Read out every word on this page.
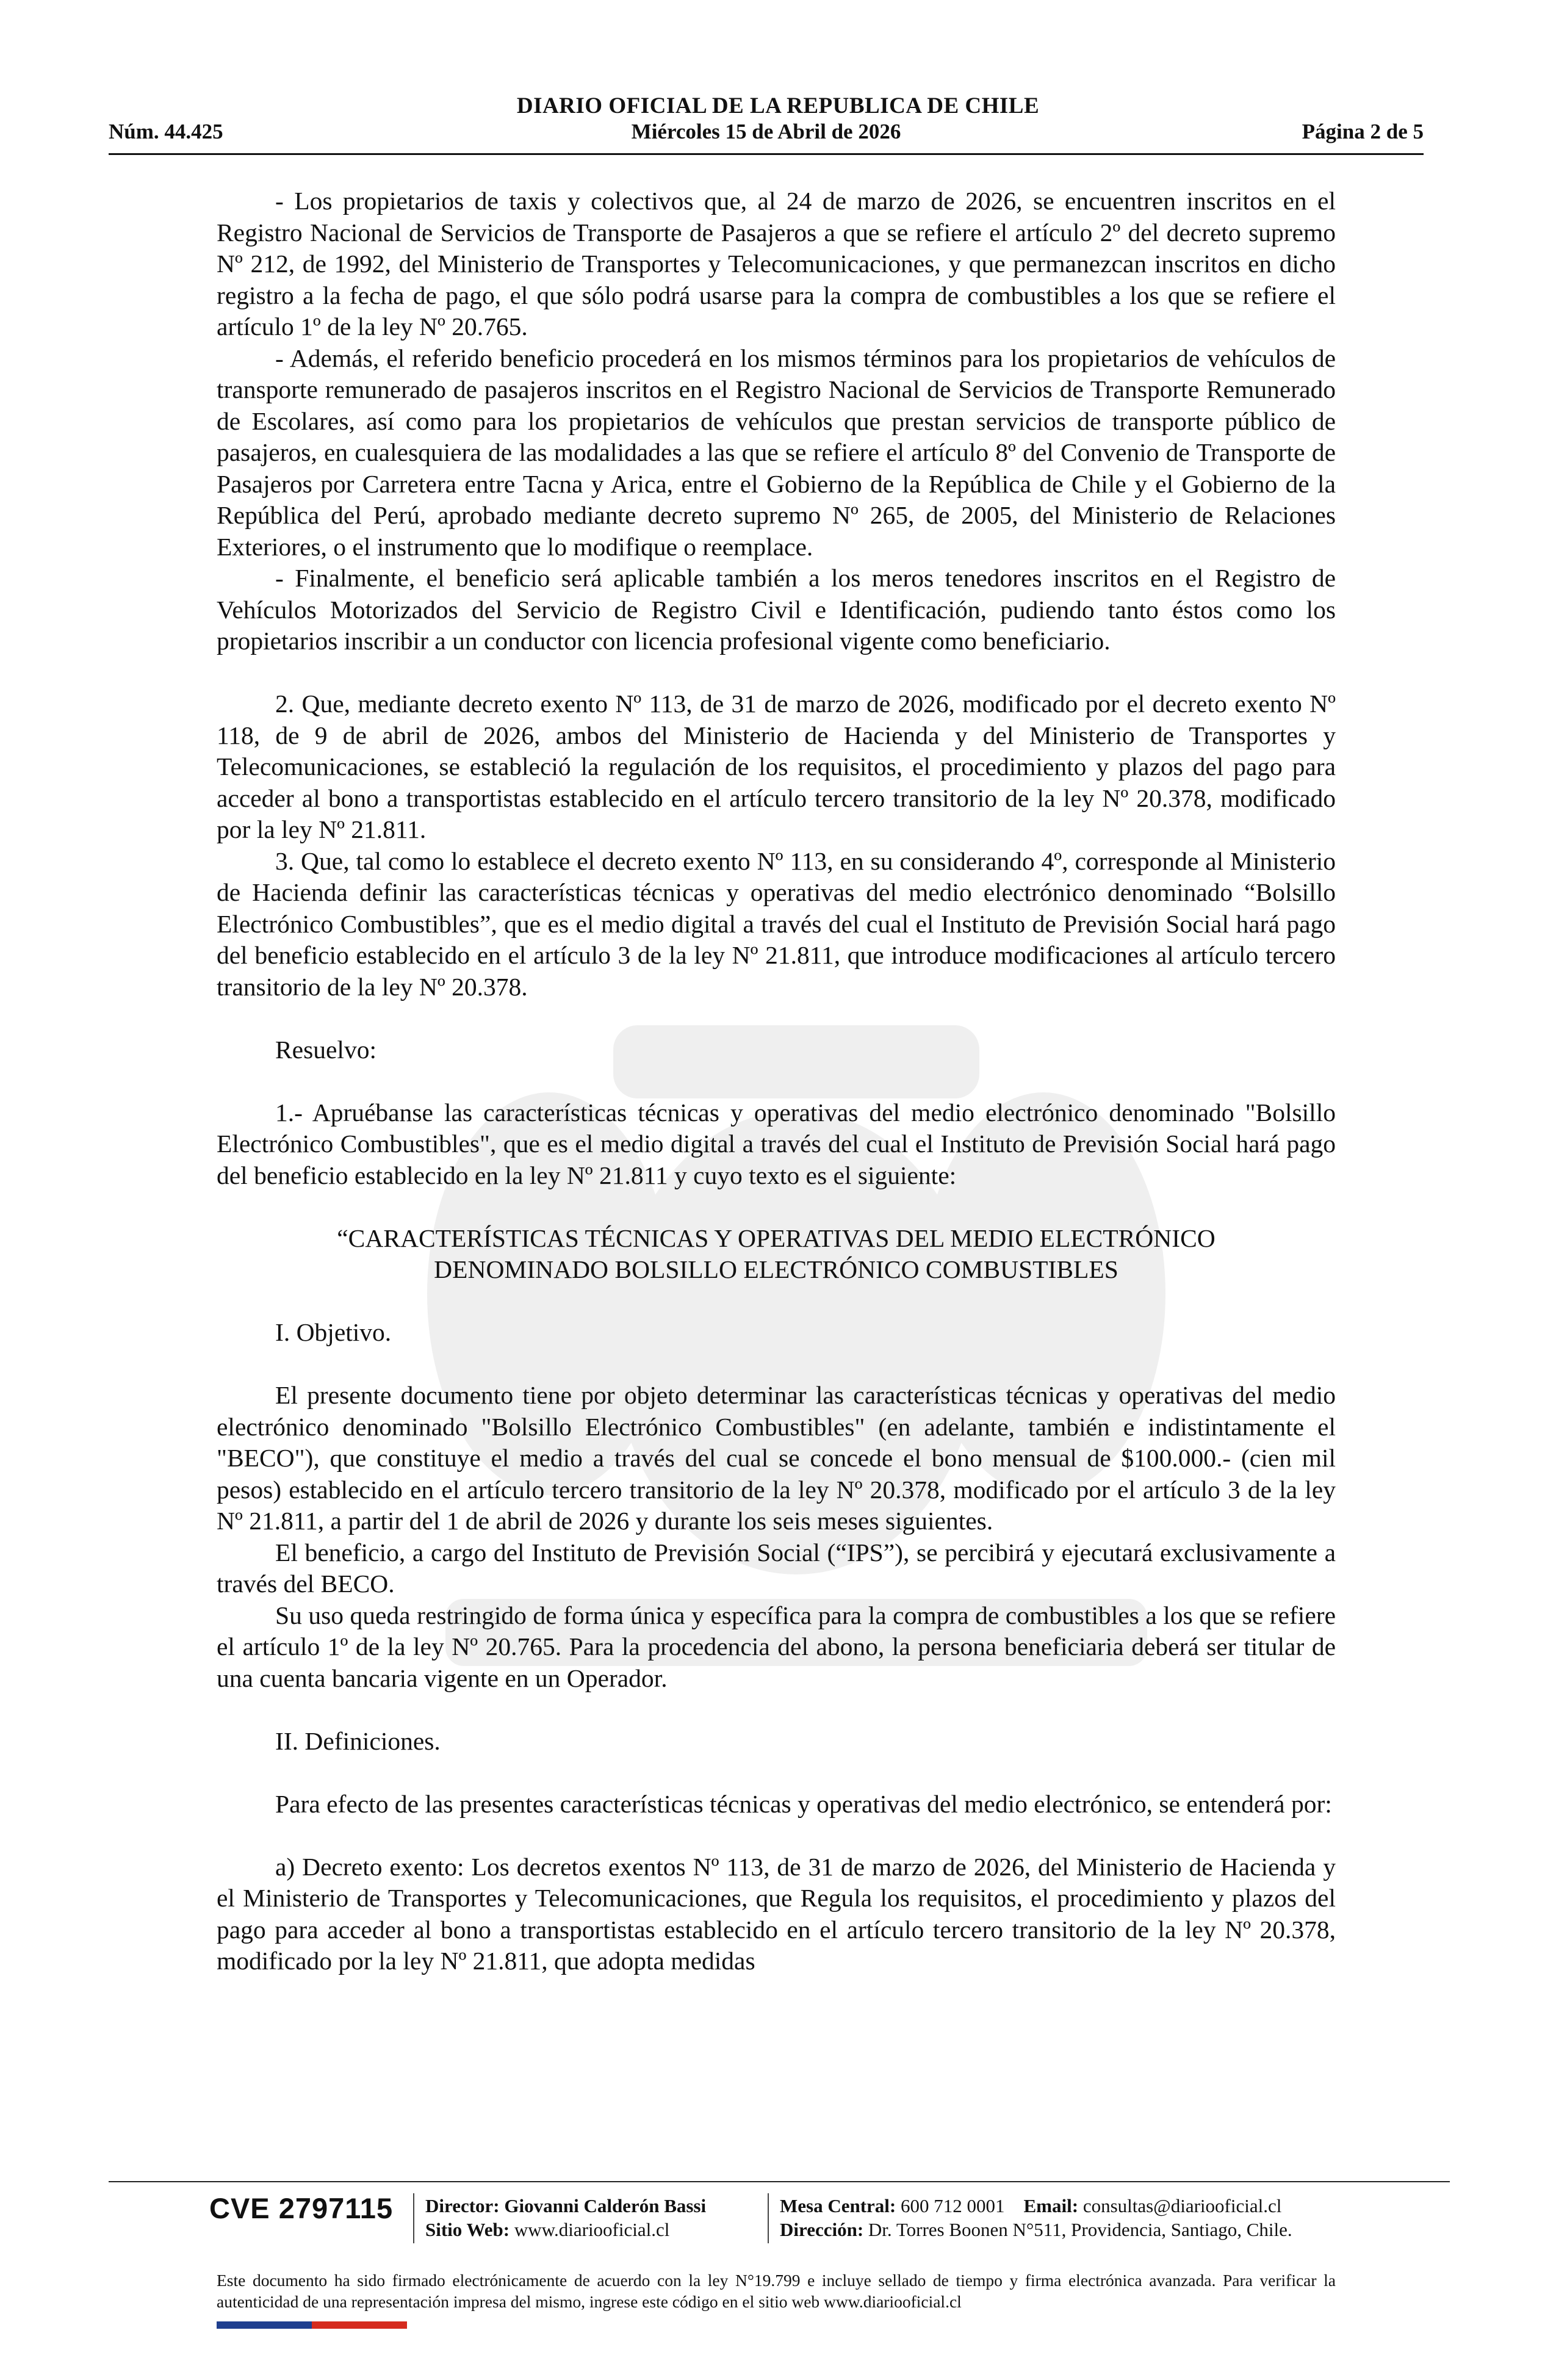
DIARIO OFICIAL DE LA REPUBLICA DE CHILE
Núm. 44.425	Miércoles 15 de Abril de 2026	Página 2 de 5

- Los propietarios de taxis y colectivos que, al 24 de marzo de 2026, se encuentren inscritos en el Registro Nacional de Servicios de Transporte de Pasajeros a que se refiere el artículo 2º del decreto supremo Nº 212, de 1992, del Ministerio de Transportes y Telecomunicaciones, y que permanezcan inscritos en dicho registro a la fecha de pago, el que sólo podrá usarse para la compra de combustibles a los que se refiere el artículo 1º de la ley Nº 20.765.

- Además, el referido beneficio procederá en los mismos términos para los propietarios de vehículos de transporte remunerado de pasajeros inscritos en el Registro Nacional de Servicios de Transporte Remunerado de Escolares, así como para los propietarios de vehículos que prestan servicios de transporte público de pasajeros, en cualesquiera de las modalidades a las que se refiere el artículo 8º del Convenio de Transporte de Pasajeros por Carretera entre Tacna y Arica, entre el Gobierno de la República de Chile y el Gobierno de la República del Perú, aprobado mediante decreto supremo Nº 265, de 2005, del Ministerio de Relaciones Exteriores, o el instrumento que lo modifique o reemplace.

- Finalmente, el beneficio será aplicable también a los meros tenedores inscritos en el Registro de Vehículos Motorizados del Servicio de Registro Civil e Identificación, pudiendo tanto éstos como los propietarios inscribir a un conductor con licencia profesional vigente como beneficiario.

2. Que, mediante decreto exento Nº 113, de 31 de marzo de 2026, modificado por el decreto exento Nº 118, de 9 de abril de 2026, ambos del Ministerio de Hacienda y del Ministerio de Transportes y Telecomunicaciones, se estableció la regulación de los requisitos, el procedimiento y plazos del pago para acceder al bono a transportistas establecido en el artículo tercero transitorio de la ley Nº 20.378, modificado por la ley Nº 21.811.

3. Que, tal como lo establece el decreto exento Nº 113, en su considerando 4º, corresponde al Ministerio de Hacienda definir las características técnicas y operativas del medio electrónico denominado “Bolsillo Electrónico Combustibles”, que es el medio digital a través del cual el Instituto de Previsión Social hará pago del beneficio establecido en el artículo 3 de la ley Nº 21.811, que introduce modificaciones al artículo tercero transitorio de la ley Nº 20.378.

Resuelvo:

1.- Apruébanse las características técnicas y operativas del medio electrónico denominado "Bolsillo Electrónico Combustibles", que es el medio digital a través del cual el Instituto de Previsión Social hará pago del beneficio establecido en la ley Nº 21.811 y cuyo texto es el siguiente:

“CARACTERÍSTICAS TÉCNICAS Y OPERATIVAS DEL MEDIO ELECTRÓNICO
DENOMINADO BOLSILLO ELECTRÓNICO COMBUSTIBLES

I. Objetivo.

El presente documento tiene por objeto determinar las características técnicas y operativas del medio electrónico denominado "Bolsillo Electrónico Combustibles" (en adelante, también e indistintamente el "BECO"), que constituye el medio a través del cual se concede el bono mensual de $100.000.- (cien mil pesos) establecido en el artículo tercero transitorio de la ley Nº 20.378, modificado por el artículo 3 de la ley Nº 21.811, a partir del 1 de abril de 2026 y durante los seis meses siguientes.

El beneficio, a cargo del Instituto de Previsión Social (“IPS”), se percibirá y ejecutará exclusivamente a través del BECO.

Su uso queda restringido de forma única y específica para la compra de combustibles a los que se refiere el artículo 1º de la ley Nº 20.765. Para la procedencia del abono, la persona beneficiaria deberá ser titular de una cuenta bancaria vigente en un Operador.

II. Definiciones.

Para efecto de las presentes características técnicas y operativas del medio electrónico, se entenderá por:

a) Decreto exento: Los decretos exentos Nº 113, de 31 de marzo de 2026, del Ministerio de Hacienda y el Ministerio de Transportes y Telecomunicaciones, que Regula los requisitos, el procedimiento y plazos del pago para acceder al bono a transportistas establecido en el artículo tercero transitorio de la ley Nº 20.378, modificado por la ley Nº 21.811, que adopta medidas

CVE 2797115 Director: Giovanni Calderón Bassi
Sitio Web: www.diariooficial.cl
Mesa Central: 600 712 0001 Email: consultas@diariooficial.cl
Dirección: Dr. Torres Boonen N°511, Providencia, Santiago, Chile.
Este documento ha sido firmado electrónicamente de acuerdo con la ley N°19.799 e incluye sellado de tiempo y firma electrónica avanzada. Para verificar la autenticidad de una representación impresa del mismo, ingrese este código en el sitio web www.diariooficial.cl
